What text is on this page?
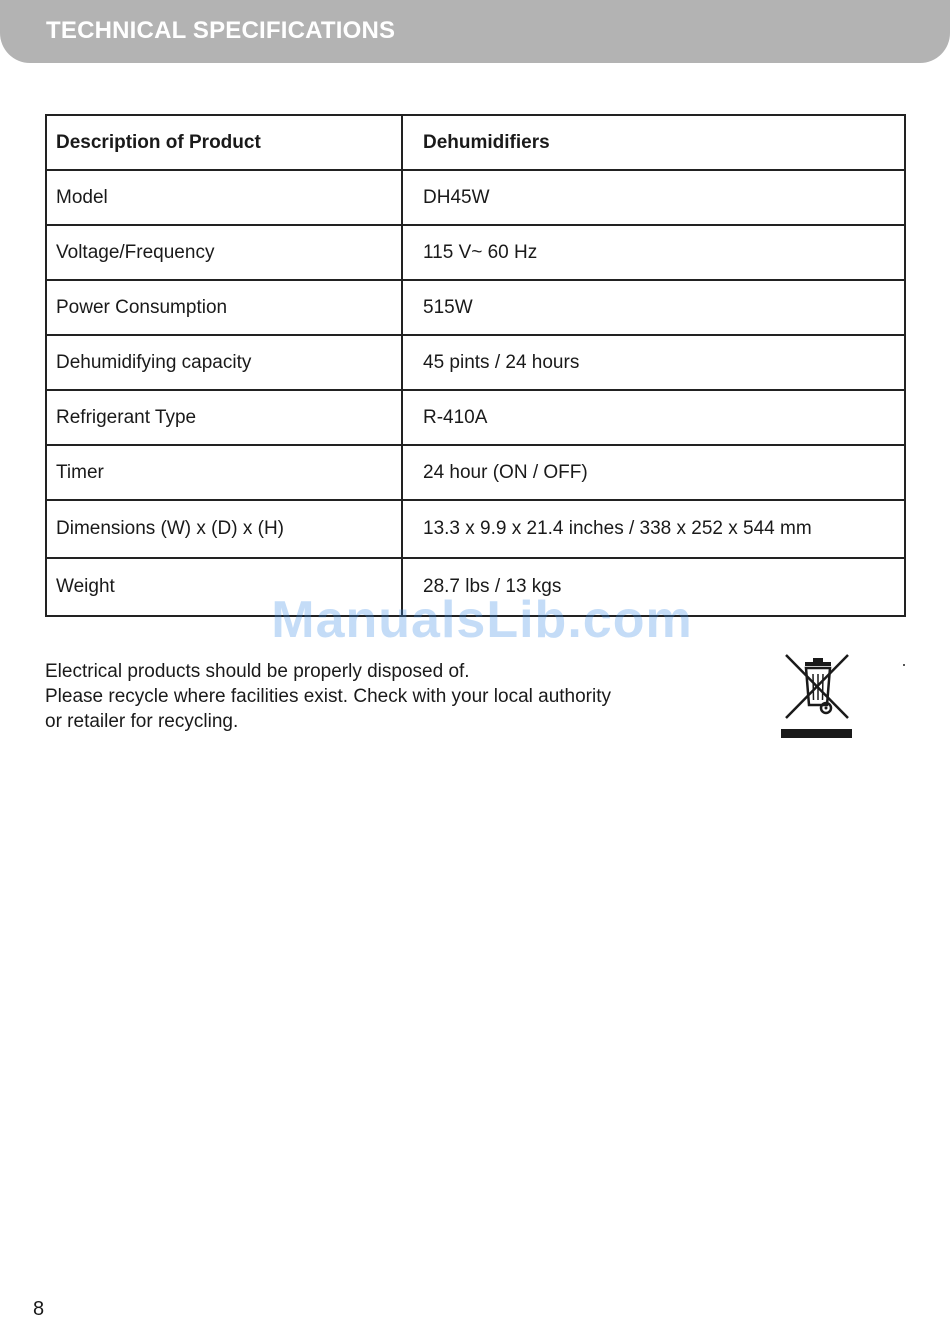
TECHNICAL SPECIFICATIONS
Description of Product	Dehumidifiers
Model	DH45W
Voltage/Frequency	115 V~ 60 Hz
Power Consumption	515W
Dehumidifying capacity	45 pints / 24 hours
Refrigerant Type	R-410A
Timer	24 hour (ON / OFF)
Dimensions (W) x (D) x (H)	13.3 x 9.9 x 21.4 inches / 338 x 252 x 544 mm
Weight	28.7 lbs / 13 kgs
ManualsLib.com
Electrical products should be properly disposed of.
Please recycle where facilities exist. Check with your local authority
or retailer for recycling.
8
